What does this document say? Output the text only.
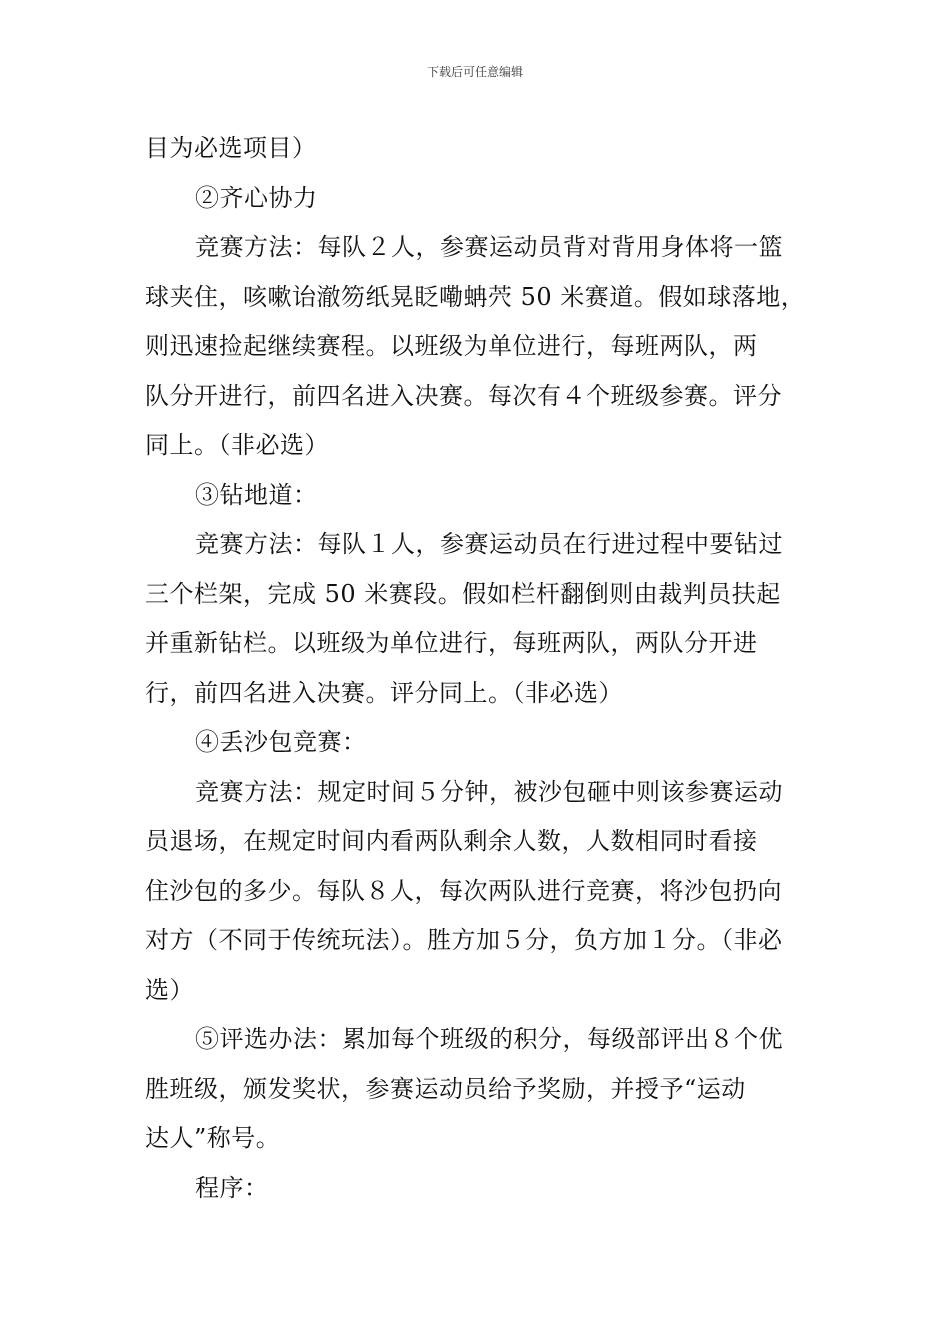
下载后可任意编辑
目为必选项目）
②齐心协力
竞赛方法：每队２人，参赛运动员背对背用身体将一篮
球夹住，咳嗽诒澈笏纸晃眨嘞蚺茓 50 米赛道。假如球落地，
则迅速捡起继续赛程。以班级为单位进行，每班两队，两
队分开进行，前四名进入决赛。每次有４个班级参赛。评分
同上。（非必选）
③钻地道：
竞赛方法：每队１人，参赛运动员在行进过程中要钻过
三个栏架，完成 50 米赛段。假如栏杆翻倒则由裁判员扶起
并重新钻栏。以班级为单位进行，每班两队，两队分开进
行，前四名进入决赛。评分同上。（非必选）
④丢沙包竞赛：
竞赛方法：规定时间５分钟，被沙包砸中则该参赛运动
员退场，在规定时间内看两队剩余人数，人数相同时看接
住沙包的多少。每队８人，每次两队进行竞赛，将沙包扔向
对方（不同于传统玩法）。胜方加５分，负方加１分。（非必
选）
⑤评选办法：累加每个班级的积分，每级部评出８个优
胜班级，颁发奖状，参赛运动员给予奖励，并授予“运动
达人”称号。
程序：
